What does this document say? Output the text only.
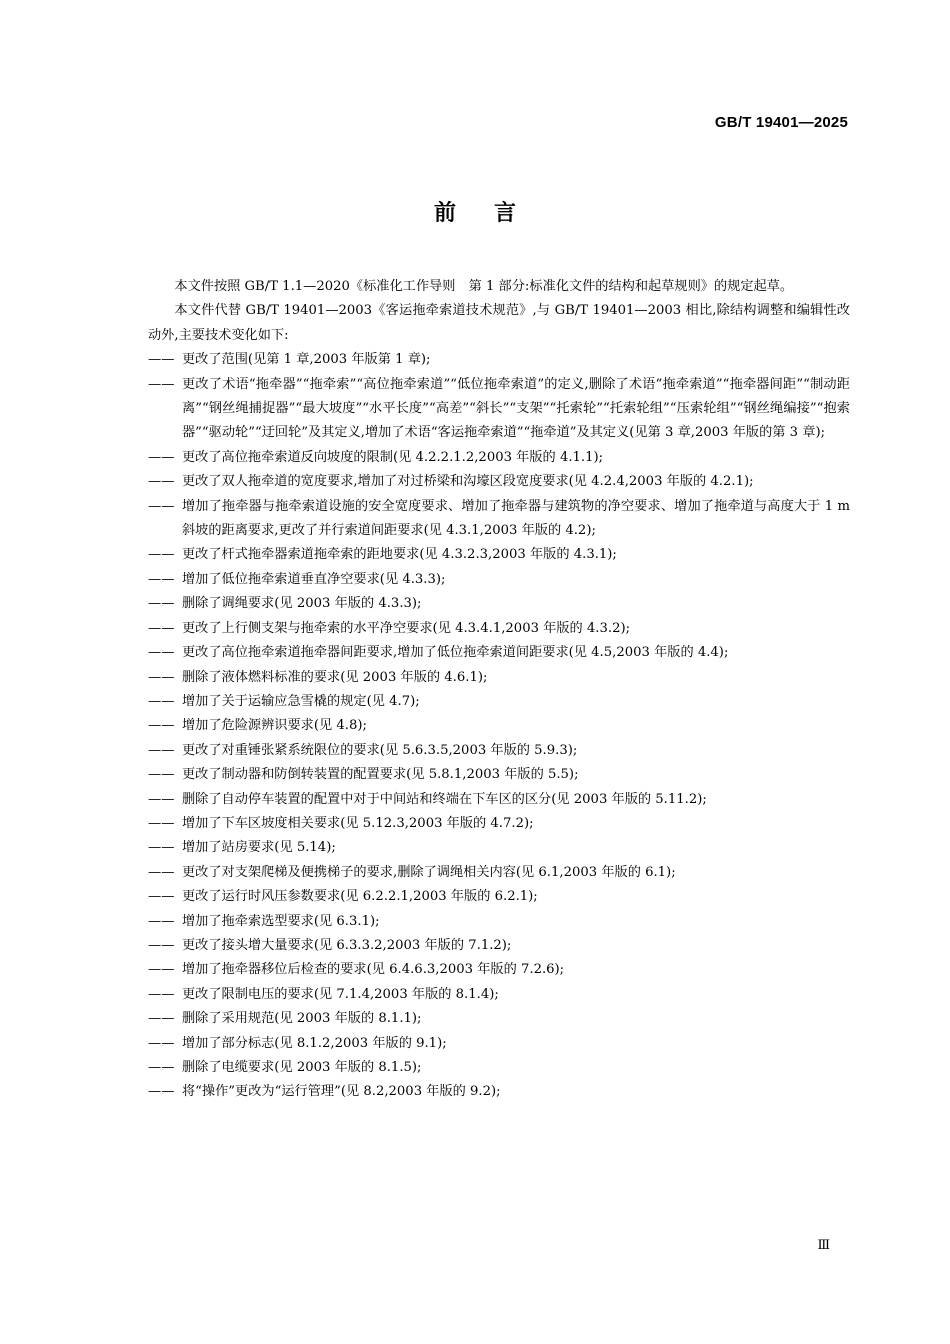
GB/T 19401—2025
前言

本文件按照 GB/T 1.1—2020《标准化工作导则　第 1 部分:标准化文件的结构和起草规则》的规定起草。

本文件代替 GB/T 19401—2003《客运拖牵索道技术规范》,与 GB/T 19401—2003 相比,除结构调整和编辑性改动外,主要技术变化如下:

—— 更改了范围(见第 1 章,2003 年版第 1 章);
—— 更改了术语“拖牵器”“拖牵索”“高位拖牵索道”“低位拖牵索道”的定义,删除了术语“拖牵索道”“拖牵器间距”“制动距离”“钢丝绳捕捉器”“最大坡度”“水平长度”“高差”“斜长”“支架”“托索轮”“托索轮组”“压索轮组”“钢丝绳编接”“抱索器”“驱动轮”“迂回轮”及其定义,增加了术语“客运拖牵索道”“拖牵道”及其定义(见第 3 章,2003 年版的第 3 章);
—— 更改了高位拖牵索道反向坡度的限制(见 4.2.2.1.2,2003 年版的 4.1.1);
—— 更改了双人拖牵道的宽度要求,增加了对过桥梁和沟壕区段宽度要求(见 4.2.4,2003 年版的 4.2.1);
—— 增加了拖牵器与拖牵索道设施的安全宽度要求、增加了拖牵器与建筑物的净空要求、增加了拖牵道与高度大于 1 m 斜坡的距离要求,更改了并行索道间距要求(见 4.3.1,2003 年版的 4.2);
—— 更改了杆式拖牵器索道拖牵索的距地要求(见 4.3.2.3,2003 年版的 4.3.1);
—— 增加了低位拖牵索道垂直净空要求(见 4.3.3);
—— 删除了调绳要求(见 2003 年版的 4.3.3);
—— 更改了上行侧支架与拖牵索的水平净空要求(见 4.3.4.1,2003 年版的 4.3.2);
—— 更改了高位拖牵索道拖牵器间距要求,增加了低位拖牵索道间距要求(见 4.5,2003 年版的 4.4);
—— 删除了液体燃料标准的要求(见 2003 年版的 4.6.1);
—— 增加了关于运输应急雪橇的规定(见 4.7);
—— 增加了危险源辨识要求(见 4.8);
—— 更改了对重锤张紧系统限位的要求(见 5.6.3.5,2003 年版的 5.9.3);
—— 更改了制动器和防倒转装置的配置要求(见 5.8.1,2003 年版的 5.5);
—— 删除了自动停车装置的配置中对于中间站和终端在下车区的区分(见 2003 年版的 5.11.2);
—— 增加了下车区坡度相关要求(见 5.12.3,2003 年版的 4.7.2);
—— 增加了站房要求(见 5.14);
—— 更改了对支架爬梯及便携梯子的要求,删除了调绳相关内容(见 6.1,2003 年版的 6.1);
—— 更改了运行时风压参数要求(见 6.2.2.1,2003 年版的 6.2.1);
—— 增加了拖牵索选型要求(见 6.3.1);
—— 更改了接头增大量要求(见 6.3.3.2,2003 年版的 7.1.2);
—— 增加了拖牵器移位后检查的要求(见 6.4.6.3,2003 年版的 7.2.6);
—— 更改了限制电压的要求(见 7.1.4,2003 年版的 8.1.4);
—— 删除了采用规范(见 2003 年版的 8.1.1);
—— 增加了部分标志(见 8.1.2,2003 年版的 9.1);
—— 删除了电缆要求(见 2003 年版的 8.1.5);
—— 将“操作”更改为“运行管理”(见 8.2,2003 年版的 9.2);
Ⅲ
